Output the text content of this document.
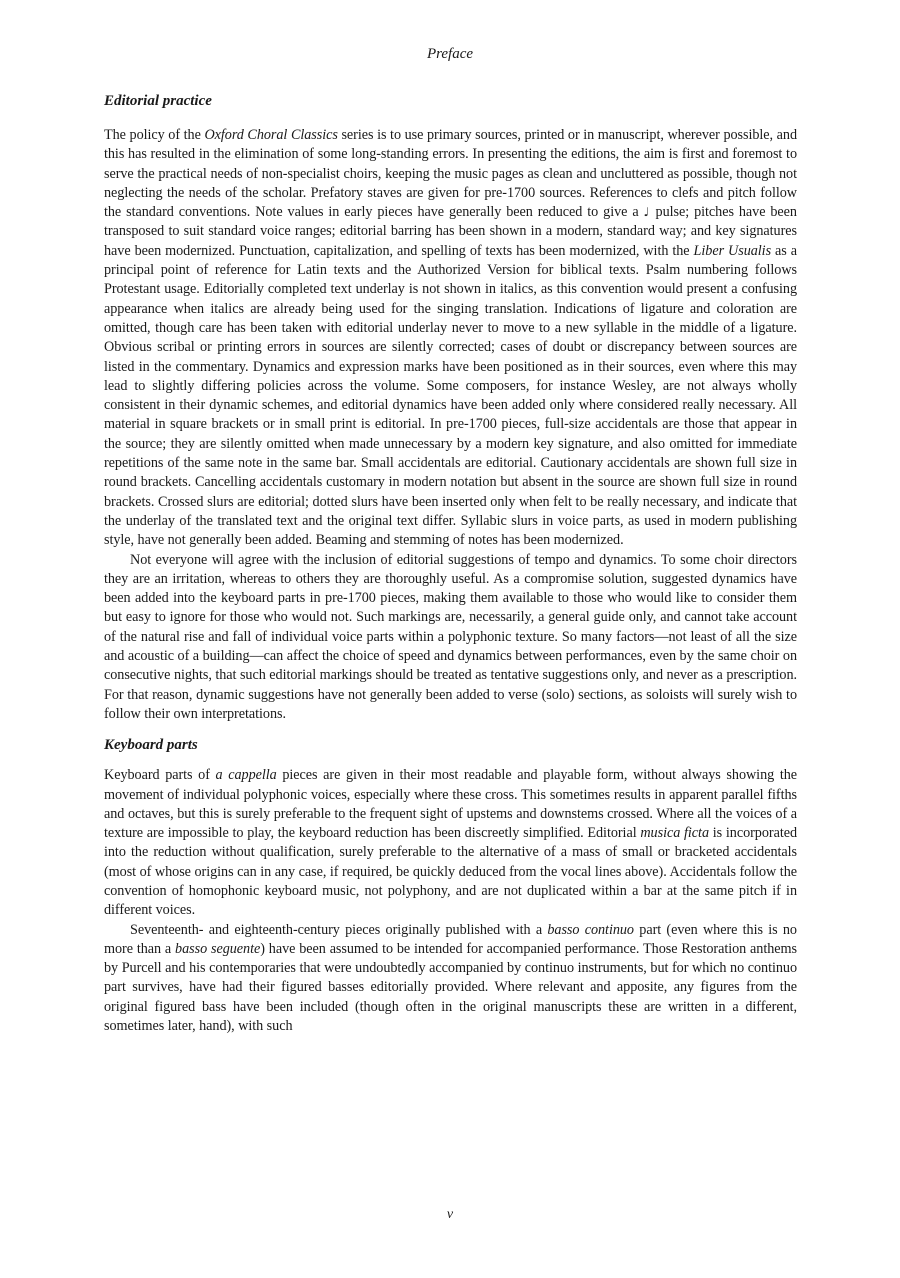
Preface
Editorial practice

The policy of the Oxford Choral Classics series is to use primary sources, printed or in manuscript, wherever possible, and this has resulted in the elimination of some long-standing errors. In presenting the editions, the aim is first and foremost to serve the practical needs of non-specialist choirs, keeping the music pages as clean and uncluttered as possible, though not neglecting the needs of the scholar. Prefatory staves are given for pre-1700 sources. References to clefs and pitch follow the standard conventions. Note values in early pieces have generally been reduced to give a ♩ pulse; pitches have been transposed to suit standard voice ranges; editorial barring has been shown in a modern, standard way; and key signatures have been modernized. Punctuation, capitalization, and spelling of texts has been modernized, with the Liber Usualis as a principal point of reference for Latin texts and the Authorized Version for biblical texts. Psalm numbering follows Protestant usage. Editorially completed text underlay is not shown in italics, as this convention would present a confusing appearance when italics are already being used for the singing translation. Indications of ligature and coloration are omitted, though care has been taken with editorial underlay never to move to a new syllable in the middle of a ligature. Obvious scribal or printing errors in sources are silently corrected; cases of doubt or discrepancy between sources are listed in the commentary. Dynamics and expression marks have been positioned as in their sources, even where this may lead to slightly differing policies across the volume. Some composers, for instance Wesley, are not always wholly consistent in their dynamic schemes, and editorial dynamics have been added only where considered really necessary. All material in square brackets or in small print is editorial. In pre-1700 pieces, full-size accidentals are those that appear in the source; they are silently omitted when made unnecessary by a modern key signature, and also omitted for immediate repetitions of the same note in the same bar. Small accidentals are editorial. Cautionary accidentals are shown full size in round brackets. Cancelling accidentals customary in modern notation but absent in the source are shown full size in round brackets. Crossed slurs are editorial; dotted slurs have been inserted only when felt to be really necessary, and indicate that the underlay of the translated text and the original text differ. Syllabic slurs in voice parts, as used in modern publishing style, have not generally been added. Beaming and stemming of notes has been modernized.

Not everyone will agree with the inclusion of editorial suggestions of tempo and dynamics. To some choir directors they are an irritation, whereas to others they are thoroughly useful. As a compromise solution, suggested dynamics have been added into the keyboard parts in pre-1700 pieces, making them available to those who would like to consider them but easy to ignore for those who would not. Such markings are, necessarily, a general guide only, and cannot take account of the natural rise and fall of individual voice parts within a polyphonic texture. So many factors—not least of all the size and acoustic of a building—can affect the choice of speed and dynamics between performances, even by the same choir on consecutive nights, that such editorial markings should be treated as tentative suggestions only, and never as a prescription. For that reason, dynamic suggestions have not generally been added to verse (solo) sections, as soloists will surely wish to follow their own interpretations.

Keyboard parts

Keyboard parts of a cappella pieces are given in their most readable and playable form, without always showing the movement of individual polyphonic voices, especially where these cross. This sometimes results in apparent parallel fifths and octaves, but this is surely preferable to the frequent sight of upstems and downstems crossed. Where all the voices of a texture are impossible to play, the keyboard reduction has been discreetly simplified. Editorial musica ficta is incorporated into the reduction without qualification, surely preferable to the alternative of a mass of small or bracketed accidentals (most of whose origins can in any case, if required, be quickly deduced from the vocal lines above). Accidentals follow the convention of homophonic keyboard music, not polyphony, and are not duplicated within a bar at the same pitch if in different voices.

Seventeenth- and eighteenth-century pieces originally published with a basso continuo part (even where this is no more than a basso seguente) have been assumed to be intended for accompanied performance. Those Restoration anthems by Purcell and his contemporaries that were undoubtedly accompanied by continuo instruments, but for which no continuo part survives, have had their figured basses editorially provided. Where relevant and apposite, any figures from the original figured bass have been included (though often in the original manuscripts these are written in a different, sometimes later, hand), with such

v
